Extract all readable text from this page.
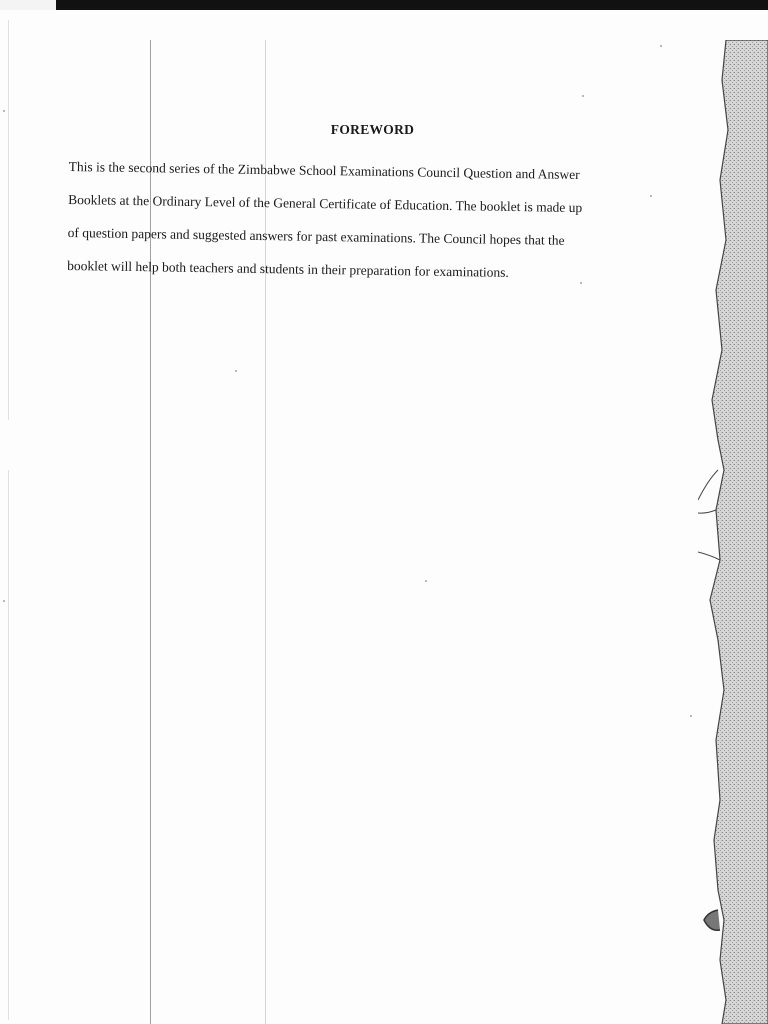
FOREWORD

This is the second series of the Zimbabwe School Examinations Council Question and Answer

Booklets at the Ordinary Level of the General Certificate of Education. The booklet is made up

of question papers and suggested answers for past examinations. The Council hopes that the

booklet will help both teachers and students in their preparation for examinations.
